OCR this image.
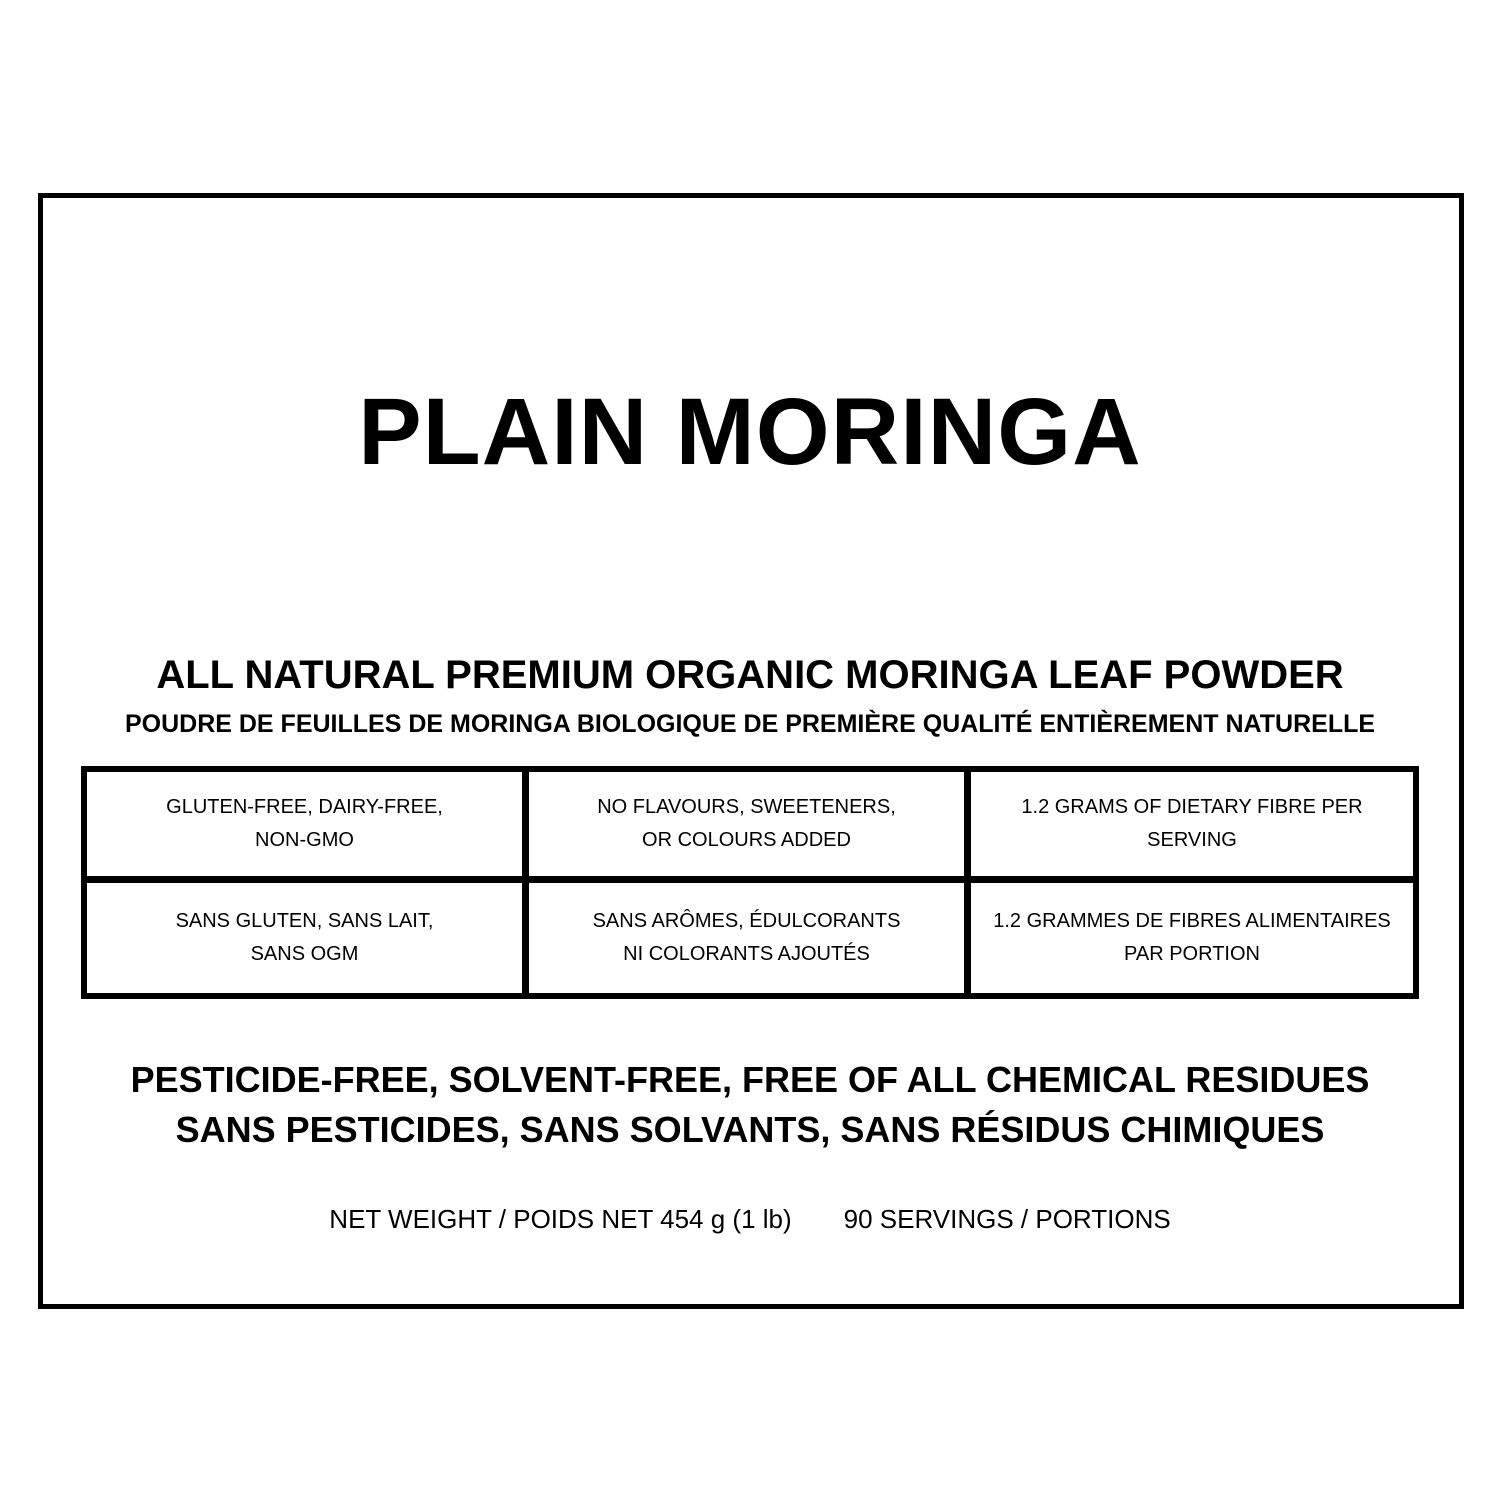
PLAIN MORINGA
ALL NATURAL PREMIUM ORGANIC MORINGA LEAF POWDER
POUDRE DE FEUILLES DE MORINGA BIOLOGIQUE DE PREMIÈRE QUALITÉ ENTIÈREMENT NATURELLE
GLUTEN-FREE, DAIRY-FREE,
NON-GMO
NO FLAVOURS, SWEETENERS,
OR COLOURS ADDED
1.2 GRAMS OF DIETARY FIBRE PER SERVING
SANS GLUTEN, SANS LAIT,
SANS OGM
SANS ARÔMES, ÉDULCORANTS
NI COLORANTS AJOUTÉS
1.2 GRAMMES DE FIBRES ALIMENTAIRES
PAR PORTION
PESTICIDE-FREE, SOLVENT-FREE, FREE OF ALL CHEMICAL RESIDUES
SANS PESTICIDES, SANS SOLVANTS, SANS RÉSIDUS CHIMIQUES
NET WEIGHT / POIDS NET 454 g (1 lb) 90 SERVINGS / PORTIONS
